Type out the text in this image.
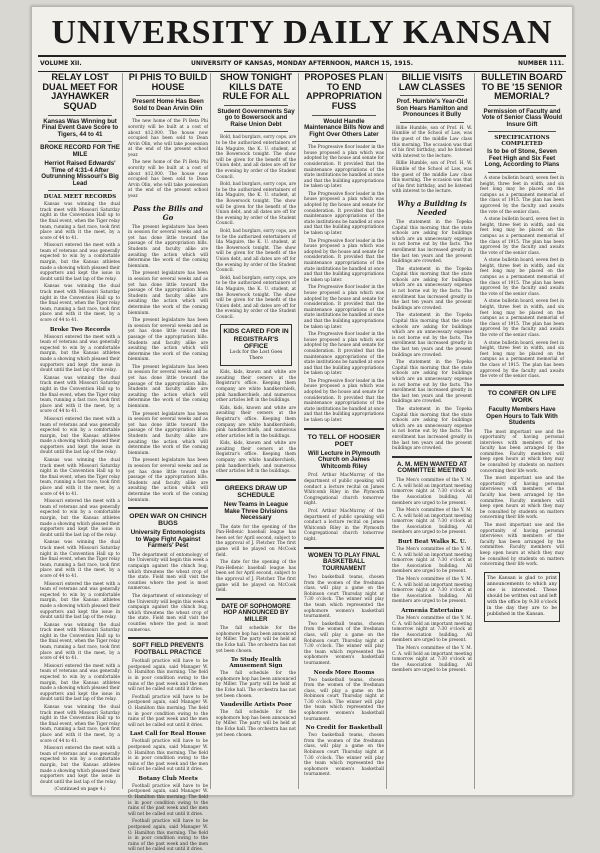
UNIVERSITY DAILY KANSAN
VOLUME XII.	UNIVERSITY OF KANSAS, MONDAY AFTERNOON, MARCH 15, 1915.	NUMBER 111.
RELAY LOST DUAL MEET FOR JAYHAWKER SQUAD
Kansas Was Winning but Final Event Gave Score to Tigers, 44 to 41
BROKE RECORD FOR THE MILE
Herriot Raised Edwards' Time of 4:31-4 After Outrunning Missouri's Big Lead
DUAL MEET RECORDS

Kansas was winning the dual track meet with Missouri Saturday night in the Convention Hall up to the final event, when the Tiger relay team, running a fast race, took first place and with it the meet, by a score of 44 to 41.

Missouri entered the meet with a team of veterans and was generally expected to win by a comfortable margin, but the Kansas athletes made a showing which pleased their supporters and kept the issue in doubt until the last lap of the relay.

Kansas was winning the dual track meet with Missouri Saturday night in the Convention Hall up to the final event, when the Tiger relay team, running a fast race, took first place and with it the meet, by a score of 44 to 41.

Broke Two Records

Missouri entered the meet with a team of veterans and was generally expected to win by a comfortable margin, but the Kansas athletes made a showing which pleased their supporters and kept the issue in doubt until the last lap of the relay.

Kansas was winning the dual track meet with Missouri Saturday night in the Convention Hall up to the final event, when the Tiger relay team, running a fast race, took first place and with it the meet, by a score of 44 to 41.

Missouri entered the meet with a team of veterans and was generally expected to win by a comfortable margin, but the Kansas athletes made a showing which pleased their supporters and kept the issue in doubt until the last lap of the relay.

Kansas was winning the dual track meet with Missouri Saturday night in the Convention Hall up to the final event, when the Tiger relay team, running a fast race, took first place and with it the meet, by a score of 44 to 41.

Missouri entered the meet with a team of veterans and was generally expected to win by a comfortable margin, but the Kansas athletes made a showing which pleased their supporters and kept the issue in doubt until the last lap of the relay.

Kansas was winning the dual track meet with Missouri Saturday night in the Convention Hall up to the final event, when the Tiger relay team, running a fast race, took first place and with it the meet, by a score of 44 to 41.

Missouri entered the meet with a team of veterans and was generally expected to win by a comfortable margin, but the Kansas athletes made a showing which pleased their supporters and kept the issue in doubt until the last lap of the relay.

Kansas was winning the dual track meet with Missouri Saturday night in the Convention Hall up to the final event, when the Tiger relay team, running a fast race, took first place and with it the meet, by a score of 44 to 41.

Missouri entered the meet with a team of veterans and was generally expected to win by a comfortable margin, but the Kansas athletes made a showing which pleased their supporters and kept the issue in doubt until the last lap of the relay.

Kansas was winning the dual track meet with Missouri Saturday night in the Convention Hall up to the final event, when the Tiger relay team, running a fast race, took first place and with it the meet, by a score of 44 to 41.

Missouri entered the meet with a team of veterans and was generally expected to win by a comfortable margin, but the Kansas athletes made a showing which pleased their supporters and kept the issue in doubt until the last lap of the relay.

(Continued on page 4.)
PI PHIS TO BUILD HOUSE
Present Home Has Been Sold to Dean Arvin Olin

The new home of the Pi Beta Phi sorority will be built at a cost of about $12,000. The house now occupied has been sold to Dean Arvin Olin, who will take possession at the end of the present school year.

The new home of the Pi Beta Phi sorority will be built at a cost of about $12,000. The house now occupied has been sold to Dean Arvin Olin, who will take possession at the end of the present school year.

Pass the Bills and Go

The present legislature has been in session for several weeks and as yet has done little toward the passage of the appropriation bills. Students and faculty alike are awaiting the action which will determine the work of the coming biennium.

The present legislature has been in session for several weeks and as yet has done little toward the passage of the appropriation bills. Students and faculty alike are awaiting the action which will determine the work of the coming biennium.

The present legislature has been in session for several weeks and as yet has done little toward the passage of the appropriation bills. Students and faculty alike are awaiting the action which will determine the work of the coming biennium.

The present legislature has been in session for several weeks and as yet has done little toward the passage of the appropriation bills. Students and faculty alike are awaiting the action which will determine the work of the coming biennium.

The present legislature has been in session for several weeks and as yet has done little toward the passage of the appropriation bills. Students and faculty alike are awaiting the action which will determine the work of the coming biennium.

The present legislature has been in session for several weeks and as yet has done little toward the passage of the appropriation bills. Students and faculty alike are awaiting the action which will determine the work of the coming biennium.

OPEN WAR ON CHINCH BUGS
University Entomologists to Wage Fight Against Farmers' Pest

The department of entomology of the University will begin this week a campaign against the chinch bug, which threatens the wheat crop of the state. Field men will visit the counties where the pest is most numerous.

The department of entomology of the University will begin this week a campaign against the chinch bug, which threatens the wheat crop of the state. Field men will visit the counties where the pest is most numerous.

SOFT FIELD PREVENTS FOOTBALL PRACTICE

Football practice will have to be postponed again, said Manager W. O. Hamilton this morning. The field is in poor condition owing to the rains of the past week and the men will not be called out until it dries.

Football practice will have to be postponed again, said Manager W. O. Hamilton this morning. The field is in poor condition owing to the rains of the past week and the men will not be called out until it dries.

Last Call for Real House

Football practice will have to be postponed again, said Manager W. O. Hamilton this morning. The field is in poor condition owing to the rains of the past week and the men will not be called out until it dries.

Botany Club Meets

Football practice will have to be postponed again, said Manager W. O. Hamilton this morning. The field is in poor condition owing to the rains of the past week and the men will not be called out until it dries.

Football practice will have to be postponed again, said Manager W. O. Hamilton this morning. The field is in poor condition owing to the rains of the past week and the men will not be called out until it dries.

SHOW TONIGHT KILLS DATE RULE FOR ALL
Student Governments Say go to Bowersock and Raise Union Debt

Bold, bad burglars, sorry cops, are to be the authorized entertainers of Ida Maguire, the K. U. student, at the Bowersock tonight. The show will be given for the benefit of the Union debt, and all dates are off for the evening by order of the Student Council.

Bold, bad burglars, sorry cops, are to be the authorized entertainers of Ida Maguire, the K. U. student, at the Bowersock tonight. The show will be given for the benefit of the Union debt, and all dates are off for the evening by order of the Student Council.

Bold, bad burglars, sorry cops, are to be the authorized entertainers of Ida Maguire, the K. U. student, at the Bowersock tonight. The show will be given for the benefit of the Union debt, and all dates are off for the evening by order of the Student Council.

Bold, bad burglars, sorry cops, are to be the authorized entertainers of Ida Maguire, the K. U. student, at the Bowersock tonight. The show will be given for the benefit of the Union debt, and all dates are off for the evening by order of the Student Council.

KIDS CARED FOR IN REGISTRAR'S OFFICE
Lock for the Lost Goes There

Kids, kids, known and white are awaiting their owners at the Registrar's office. Keeping them company are white handkerchiefs, pink handkerchiefs, and numerous other articles left in the buildings.

Kids, kids, known and white are awaiting their owners at the Registrar's office. Keeping them company are white handkerchiefs, pink handkerchiefs, and numerous other articles left in the buildings.

Kids, kids, known and white are awaiting their owners at the Registrar's office. Keeping them company are white handkerchiefs, pink handkerchiefs, and numerous other articles left in the buildings.

GREEKS DRAW UP SCHEDULE
New Teams in League Make Three Divisions Necessary

The date for the opening of the Pan-Hellenic baseball league has been set for April second, subject to the approval of J. Fletcher. The first game will be played on McCook field.

The date for the opening of the Pan-Hellenic baseball league has been set for April second, subject to the approval of J. Fletcher. The first game will be played on McCook field.

DATE OF SOPHOMORE HOP ANNOUNCED BY MILLER

The fall schedule for the sophomore hop has been announced by Miller. The party will be held at the Ecke hall. The orchestra has not yet been chosen.

To Study Health Amusement Sign

The fall schedule for the sophomore hop has been announced by Miller. The party will be held at the Ecke hall. The orchestra has not yet been chosen.

Vaudeville Artists Poor

The fall schedule for the sophomore hop has been announced by Miller. The party will be held at the Ecke hall. The orchestra has not yet been chosen.

PROPOSES PLAN TO END APPROPRIATION FUSS
Would Handle Maintenance Bills Now and Fight Over Others Later

The Progressive floor leader in the house proposed a plan which was adopted by the house and senate for consideration. It provided that the maintenance appropriations of the state institutions be handled at once and that the building appropriations be taken up later.

The Progressive floor leader in the house proposed a plan which was adopted by the house and senate for consideration. It provided that the maintenance appropriations of the state institutions be handled at once and that the building appropriations be taken up later.

The Progressive floor leader in the house proposed a plan which was adopted by the house and senate for consideration. It provided that the maintenance appropriations of the state institutions be handled at once and that the building appropriations be taken up later.

The Progressive floor leader in the house proposed a plan which was adopted by the house and senate for consideration. It provided that the maintenance appropriations of the state institutions be handled at once and that the building appropriations be taken up later.

The Progressive floor leader in the house proposed a plan which was adopted by the house and senate for consideration. It provided that the maintenance appropriations of the state institutions be handled at once and that the building appropriations be taken up later.

The Progressive floor leader in the house proposed a plan which was adopted by the house and senate for consideration. It provided that the maintenance appropriations of the state institutions be handled at once and that the building appropriations be taken up later.

TO TELL OF HOOSIER POET
Will Lecture in Plymouth Church on James Whitcomb Riley

Prof. Arthur MacMurray of the department of public speaking will conduct a lecture recital on James Whitcomb Riley in the Plymouth Congregational church tomorrow night.

Prof. Arthur MacMurray of the department of public speaking will conduct a lecture recital on James Whitcomb Riley in the Plymouth Congregational church tomorrow night.

WOMEN TO PLAY FINAL BASKETBALL TOURNAMENT

Two basketball teams, chosen from the women of the freshman class, will play a game on the Robinson court Thursday night at 7:30 o'clock. The winner will play the team which represented the sophomore women's basketball tournament.

Two basketball teams, chosen from the women of the freshman class, will play a game on the Robinson court Thursday night at 7:30 o'clock. The winner will play the team which represented the sophomore women's basketball tournament.

Needs More Rooms

Two basketball teams, chosen from the women of the freshman class, will play a game on the Robinson court Thursday night at 7:30 o'clock. The winner will play the team which represented the sophomore women's basketball tournament.

No Credit for Basketball

Two basketball teams, chosen from the women of the freshman class, will play a game on the Robinson court Thursday night at 7:30 o'clock. The winner will play the team which represented the sophomore women's basketball tournament.

BILLIE VISITS LAW CLASSES
Prof. Humble's Year-Old Son Hears Hamilton and Pronounces it Bully

Billie Humble, son of Prof. H. W. Humble of the School of Law, was the guest of the middle Law class this morning. The occasion was that of his first birthday, and he listened with interest to the lecture.

Billie Humble, son of Prof. H. W. Humble of the School of Law, was the guest of the middle Law class this morning. The occasion was that of his first birthday, and he listened with interest to the lecture.

Why a Building is Needed

The statement in the Topeka Capital this morning that the state schools are asking for buildings which are an unnecessary expense is not borne out by the facts. The enrollment has increased greatly in the last ten years and the present buildings are crowded.

The statement in the Topeka Capital this morning that the state schools are asking for buildings which are an unnecessary expense is not borne out by the facts. The enrollment has increased greatly in the last ten years and the present buildings are crowded.

The statement in the Topeka Capital this morning that the state schools are asking for buildings which are an unnecessary expense is not borne out by the facts. The enrollment has increased greatly in the last ten years and the present buildings are crowded.

The statement in the Topeka Capital this morning that the state schools are asking for buildings which are an unnecessary expense is not borne out by the facts. The enrollment has increased greatly in the last ten years and the present buildings are crowded.

The statement in the Topeka Capital this morning that the state schools are asking for buildings which are an unnecessary expense is not borne out by the facts. The enrollment has increased greatly in the last ten years and the present buildings are crowded.

A. M. MEN WANTED AT COMMITTEE MEETING

The Men's committee of the Y. M. C. A. will hold an important meeting tomorrow night at 7:30 o'clock at the Association building. All members are urged to be present.

The Men's committee of the Y. M. C. A. will hold an important meeting tomorrow night at 7:30 o'clock at the Association building. All members are urged to be present.

Burt Beat Walks K. U.

The Men's committee of the Y. M. C. A. will hold an important meeting tomorrow night at 7:30 o'clock at the Association building. All members are urged to be present.

The Men's committee of the Y. M. C. A. will hold an important meeting tomorrow night at 7:30 o'clock at the Association building. All members are urged to be present.

Armenia Entertains

The Men's committee of the Y. M. C. A. will hold an important meeting tomorrow night at 7:30 o'clock at the Association building. All members are urged to be present.

The Men's committee of the Y. M. C. A. will hold an important meeting tomorrow night at 7:30 o'clock at the Association building. All members are urged to be present.

BULLETIN BOARD TO BE '15 SENIOR MEMORIAL?
Permission of Faculty and Vote of Senior Class Would Insure Gift
SPECIFICATIONS COMPLETED
Is to be of Stone, Seven Feet High and Six Feet Long, According to Plans

A stone bulletin board, seven feet in height, three feet in width, and six feet long may be placed on the campus as a permanent memorial of the class of 1915. The plan has been approved by the faculty and awaits the vote of the senior class.

A stone bulletin board, seven feet in height, three feet in width, and six feet long may be placed on the campus as a permanent memorial of the class of 1915. The plan has been approved by the faculty and awaits the vote of the senior class.

A stone bulletin board, seven feet in height, three feet in width, and six feet long may be placed on the campus as a permanent memorial of the class of 1915. The plan has been approved by the faculty and awaits the vote of the senior class.

A stone bulletin board, seven feet in height, three feet in width, and six feet long may be placed on the campus as a permanent memorial of the class of 1915. The plan has been approved by the faculty and awaits the vote of the senior class.

A stone bulletin board, seven feet in height, three feet in width, and six feet long may be placed on the campus as a permanent memorial of the class of 1915. The plan has been approved by the faculty and awaits the vote of the senior class.

TO CONFER ON LIFE WORK
Faculty Members Have Open Hours to Talk With Students

The most important use and the opportunity of having personal interviews with members of the faculty has been arranged by the committee. Faculty members will keep open hours at which they may be consulted by students on matters concerning their life work.

The most important use and the opportunity of having personal interviews with members of the faculty has been arranged by the committee. Faculty members will keep open hours at which they may be consulted by students on matters concerning their life work.

The most important use and the opportunity of having personal interviews with members of the faculty has been arranged by the committee. Faculty members will keep open hours at which they may be consulted by students on matters concerning their life work.

The Kansan is glad to print announcements to which any one is interested. These should be written out and left with the office by 9:30 o'clock in the day they are to be published in the Kansan.
